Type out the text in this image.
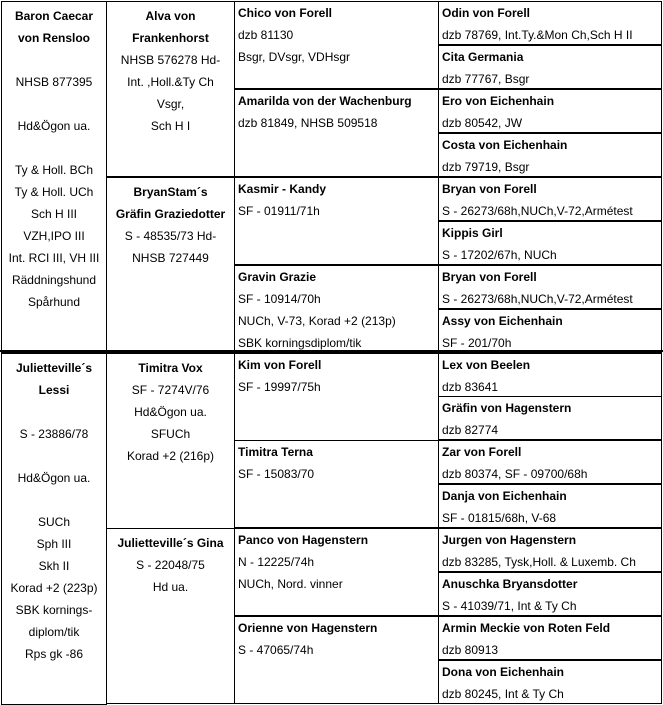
Baron Caecar
von Rensloo
NHSB 877395
Hd&Ögon ua.
Ty & Holl. BCh
Ty & Holl. UCh
Sch H III
VZH,IPO III
Int. RCI III, VH III
Räddningshund
Spårhund
Julietteville´s
Lessi
S - 23886/78
Hd&Ögon ua.
SUCh
Sph III
Skh II
Korad +2 (223p)
SBK kornings-
diplom/tik
Rps gk -86
Alva von
Frankenhorst
NHSB 576278 Hd-
Int. ,Holl.&Ty Ch
Vsgr,
Sch H I
BryanStam´s
Gräfin Graziedotter
S - 48535/73 Hd-
NHSB 727449
Timitra Vox
SF - 7274V/76
Hd&Ögon ua.
SFUCh
Korad +2 (216p)
Julietteville´s Gina
S - 22048/75
Hd ua.
Chico von Forell
dzb 81130
Bsgr, DVsgr, VDHsgr
Amarilda von der Wachenburg
dzb 81849, NHSB 509518
Kasmir - Kandy
SF - 01911/71h
Gravin Grazie
SF - 10914/70h
NUCh, V-73, Korad +2 (213p)
SBK korningsdiplom/tik
Kim von Forell
SF - 19997/75h
Timitra Terna
SF - 15083/70
Panco von Hagenstern
N - 12225/74h
NUCh, Nord. vinner
Orienne von Hagenstern
S - 47065/74h
Odin von Forell
dzb 78769, Int.Ty.&Mon Ch,Sch H II
Cita Germania
dzb 77767, Bsgr
Ero von Eichenhain
dzb 80542, JW
Costa von Eichenhain
dzb 79719, Bsgr
Bryan von Forell
S - 26273/68h,NUCh,V-72,Armétest
Kippis Girl
S - 17202/67h, NUCh
Bryan von Forell
S - 26273/68h,NUCh,V-72,Armétest
Assy von Eichenhain
SF - 201/70h
Lex von Beelen
dzb 83641
Gräfin von Hagenstern
dzb 82774
Zar von Forell
dzb 80374, SF - 09700/68h
Danja von Eichenhain
SF - 01815/68h, V-68
Jurgen von Hagenstern
dzb 83285, Tysk,Holl. & Luxemb. Ch
Anuschka Bryansdotter
S - 41039/71, Int & Ty Ch
Armin Meckie von Roten Feld
dzb 80913
Dona von Eichenhain
dzb 80245, Int & Ty Ch
